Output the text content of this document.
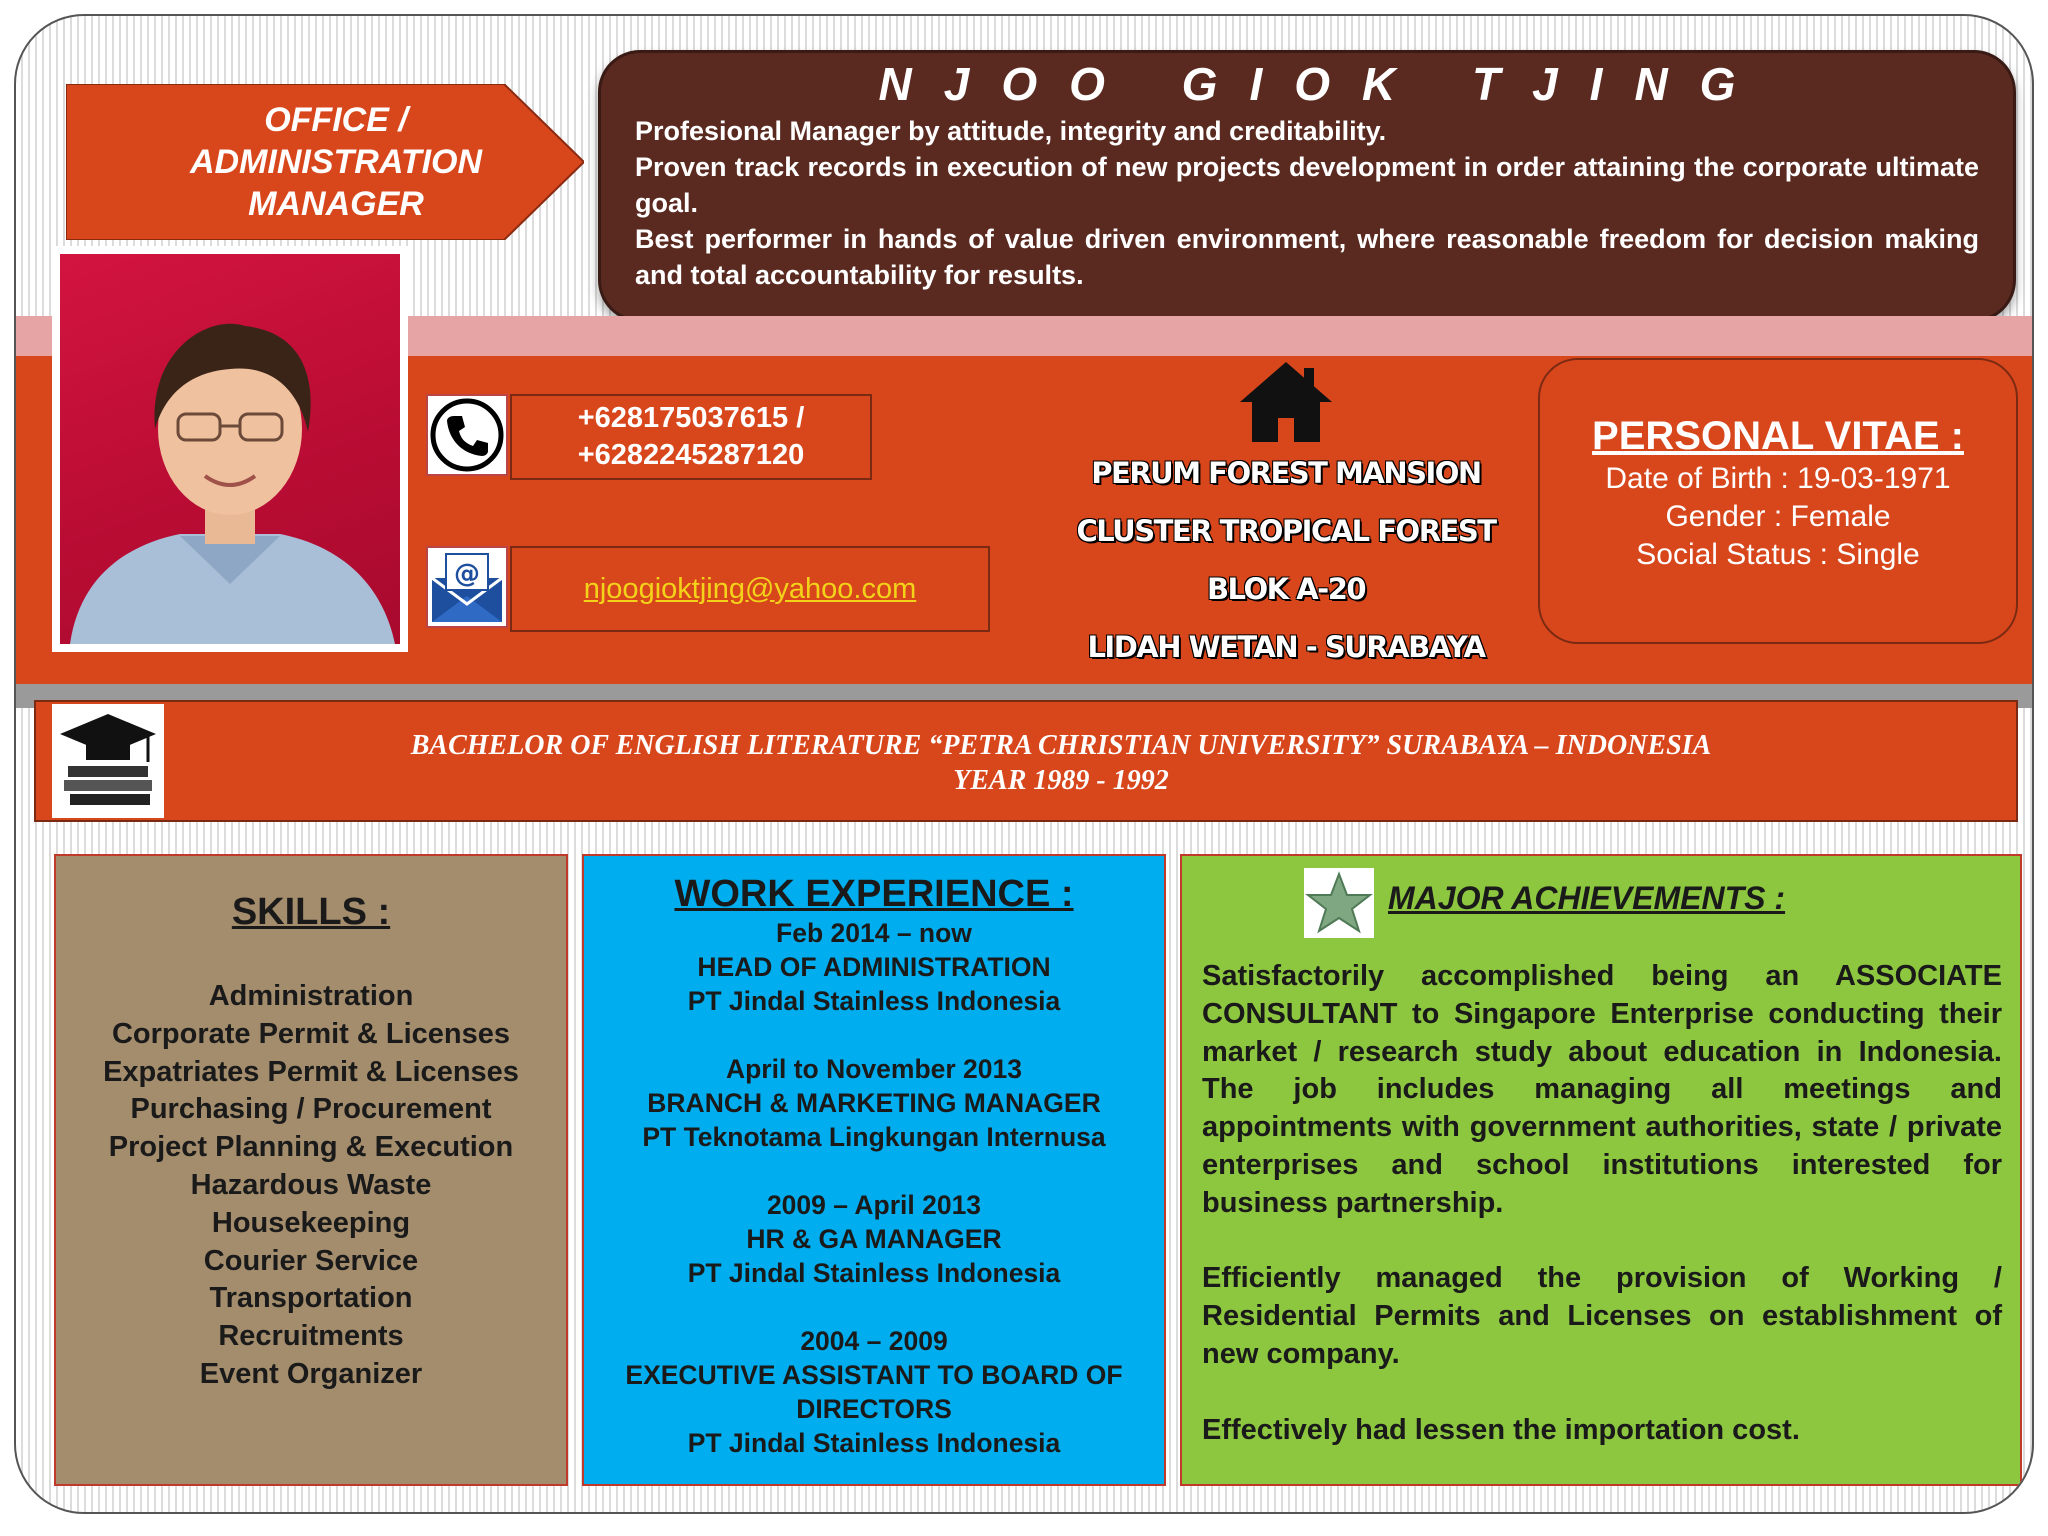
OFFICE /
ADMINISTRATION
MANAGER
NJOO GIOK TJING
Profesional Manager by attitude, integrity and creditability.
Proven track records in execution of new projects development in order attaining the corporate ultimate goal.
Best performer in hands of value driven environment, where reasonable freedom for decision making and total accountability for results.
+628175037615 /
+6282245287120
@	njoogioktjing@yahoo.com
PERUM FOREST MANSION
CLUSTER TROPICAL FOREST
BLOK A-20
LIDAH WETAN - SURABAYA
PERSONAL VITAE :
Date of Birth : 19-03-1971
Gender : Female
Social Status : Single
BACHELOR OF ENGLISH LITERATURE “PETRA CHRISTIAN UNIVERSITY” SURABAYA – INDONESIA
YEAR 1989 - 1992
SKILLS :
Administration
Corporate Permit & Licenses
Expatriates Permit & Licenses
Purchasing / Procurement
Project Planning & Execution
Hazardous Waste
Housekeeping
Courier Service
Transportation
Recruitments
Event Organizer
WORK EXPERIENCE :
Feb 2014 – now
HEAD OF ADMINISTRATION
PT Jindal Stainless Indonesia
April to November 2013
BRANCH & MARKETING MANAGER
PT Teknotama Lingkungan Internusa
2009 – April 2013
HR & GA MANAGER
PT Jindal Stainless Indonesia
2004 – 2009
EXECUTIVE ASSISTANT TO BOARD OF
DIRECTORS
PT Jindal Stainless Indonesia
MAJOR ACHIEVEMENTS :
Satisfactorily accomplished being an ASSOCIATE CONSULTANT to Singapore Enterprise conducting their market / research study about education in Indonesia. The job includes managing all meetings and appointments with government authorities, state / private enterprises and school institutions interested for business partnership.
Efficiently managed the provision of Working / Residential Permits and Licenses on establishment of new company.
Effectively had lessen the importation cost.
